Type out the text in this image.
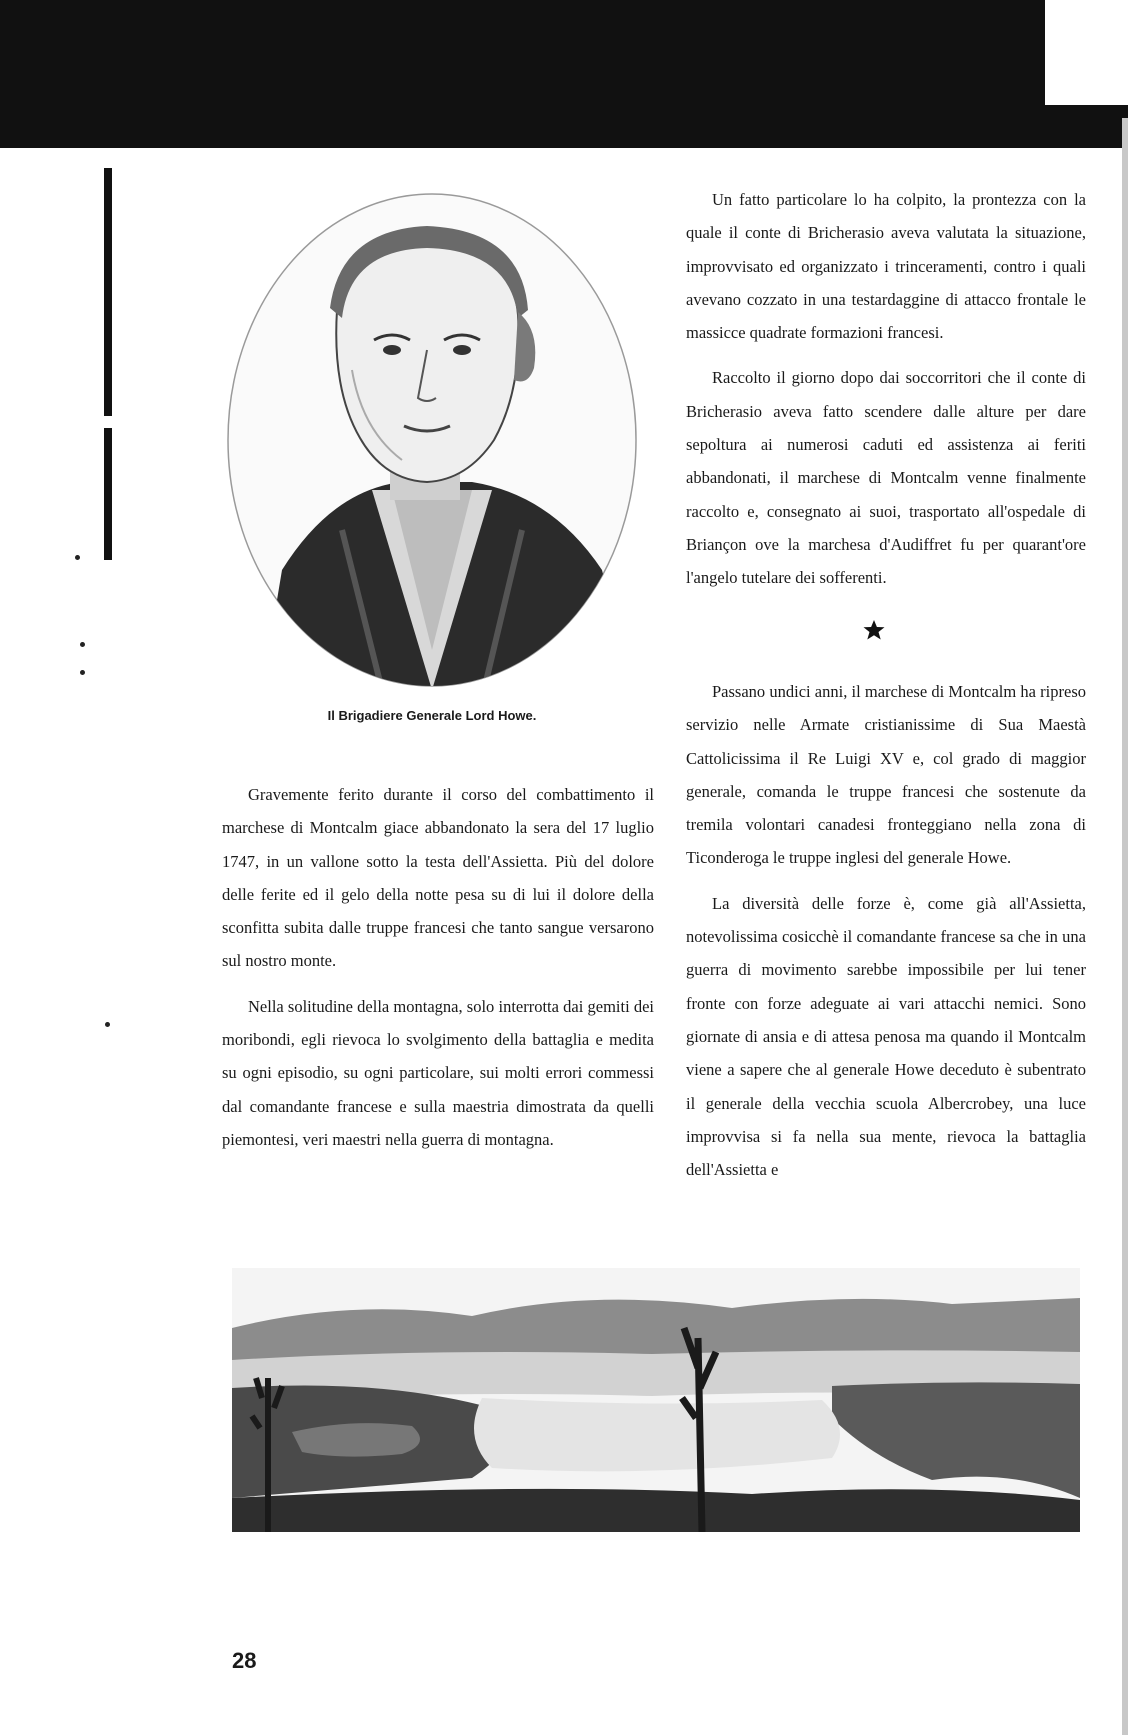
Il Brigadiere Generale Lord Howe.

Un fatto particolare lo ha colpito, la prontezza con la quale il conte di Bricherasio aveva valutata la situazione, improvvisato ed organizzato i trinceramenti, contro i quali avevano cozzato in una testardaggine di attacco frontale le massicce quadrate formazioni francesi.

Raccolto il giorno dopo dai soccorritori che il conte di Bricherasio aveva fatto scendere dalle alture per dare sepoltura ai numerosi caduti ed assistenza ai feriti abbandonati, il marchese di Montcalm venne finalmente raccolto e, consegnato ai suoi, trasportato all'ospedale di Briançon ove la marchesa d'Audiffret fu per quarant'ore l'angelo tutelare dei sofferenti.

Gravemente ferito durante il corso del combattimento il marchese di Montcalm giace abbandonato la sera del 17 luglio 1747, in un vallone sotto la testa dell'Assietta. Più del dolore delle ferite ed il gelo della notte pesa su di lui il dolore della sconfitta subita dalle truppe francesi che tanto sangue versarono sul nostro monte.

Nella solitudine della montagna, solo interrotta dai gemiti dei moribondi, egli rievoca lo svolgimento della battaglia e medita su ogni episodio, su ogni particolare, sui molti errori commessi dal comandante francese e sulla maestria dimostrata da quelli piemontesi, veri maestri nella guerra di montagna.

Passano undici anni, il marchese di Montcalm ha ripreso servizio nelle Armate cristianissime di Sua Maestà Cattolicissima il Re Luigi XV e, col grado di maggior generale, comanda le truppe francesi che sostenute da tremila volontari canadesi fronteggiano nella zona di Ticonderoga le truppe inglesi del generale Howe.

La diversità delle forze è, come già all'Assietta, notevolissima cosicchè il comandante francese sa che in una guerra di movimento sarebbe impossibile per lui tener fronte con forze adeguate ai vari attacchi nemici. Sono giornate di ansia e di attesa penosa ma quando il Montcalm viene a sapere che al generale Howe deceduto è subentrato il generale della vecchia scuola Albercrobey, una luce improvvisa si fa nella sua mente, rievoca la battaglia dell'Assietta e

28
